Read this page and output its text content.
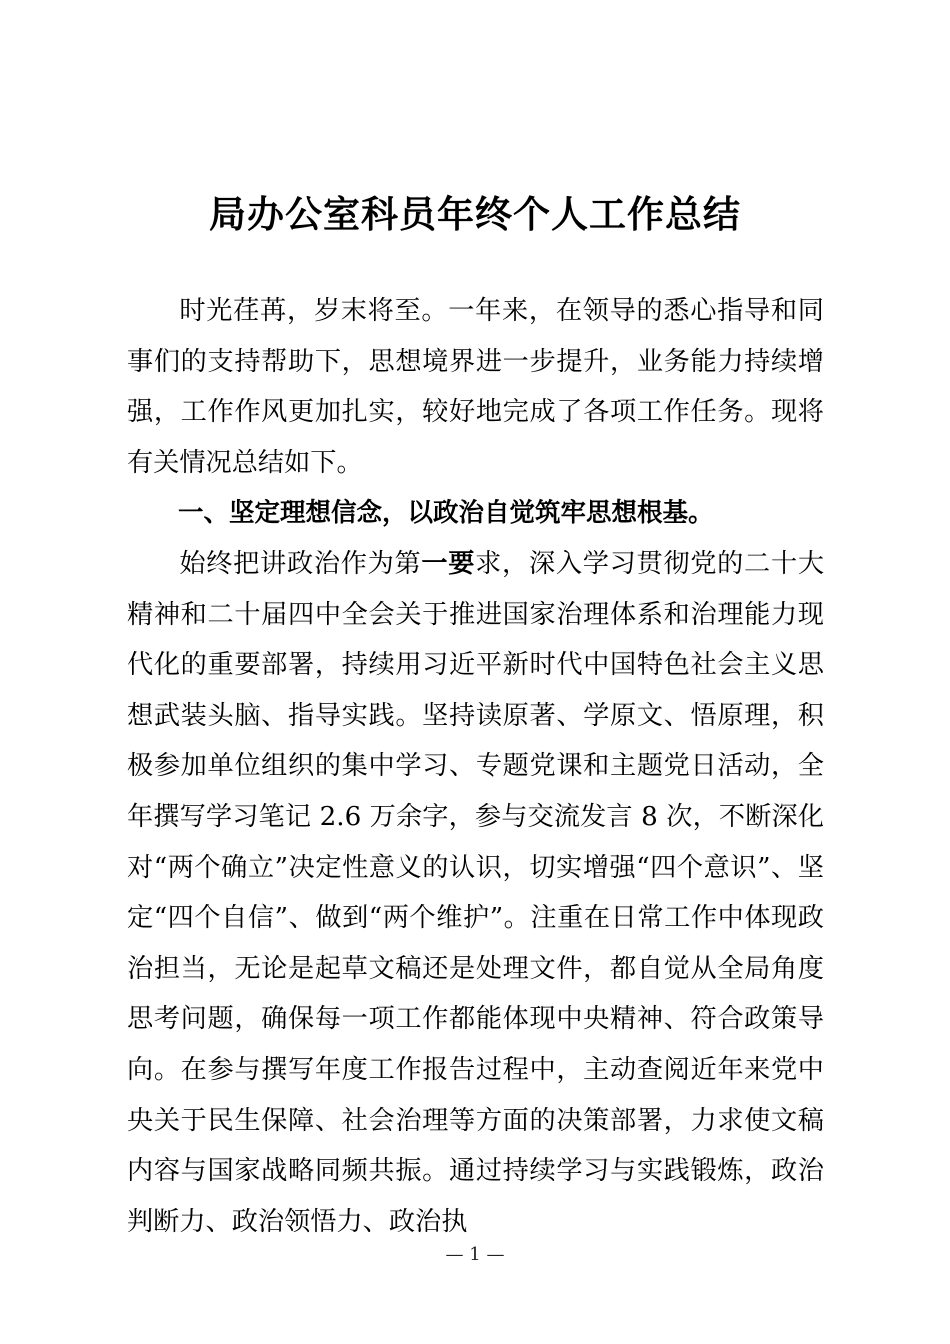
局办公室科员年终个人工作总结

时光荏苒，岁末将至。一年来，在领导的悉心指导和同事们的支持帮助下，思想境界进一步提升，业务能力持续增强，工作作风更加扎实，较好地完成了各项工作任务。现将有关情况总结如下。

一、坚定理想信念，以政治自觉筑牢思想根基。

始终把讲政治作为第一要求，深入学习贯彻党的二十大精神和二十届四中全会关于推进国家治理体系和治理能力现代化的重要部署，持续用习近平新时代中国特色社会主义思想武装头脑、指导实践。坚持读原著、学原文、悟原理，积极参加单位组织的集中学习、专题党课和主题党日活动，全年撰写学习笔记 2.6 万余字，参与交流发言 8 次，不断深化对“两个确立”决定性意义的认识，切实增强“四个意识”、坚定“四个自信”、做到“两个维护”。注重在日常工作中体现政治担当，无论是起草文稿还是处理文件，都自觉从全局角度思考问题，确保每一项工作都能体现中央精神、符合政策导向。在参与撰写年度工作报告过程中，主动查阅近年来党中央关于民生保障、社会治理等方面的决策部署，力求使文稿内容与国家战略同频共振。通过持续学习与实践锻炼，政治判断力、政治领悟力、政治执

— 1 —
